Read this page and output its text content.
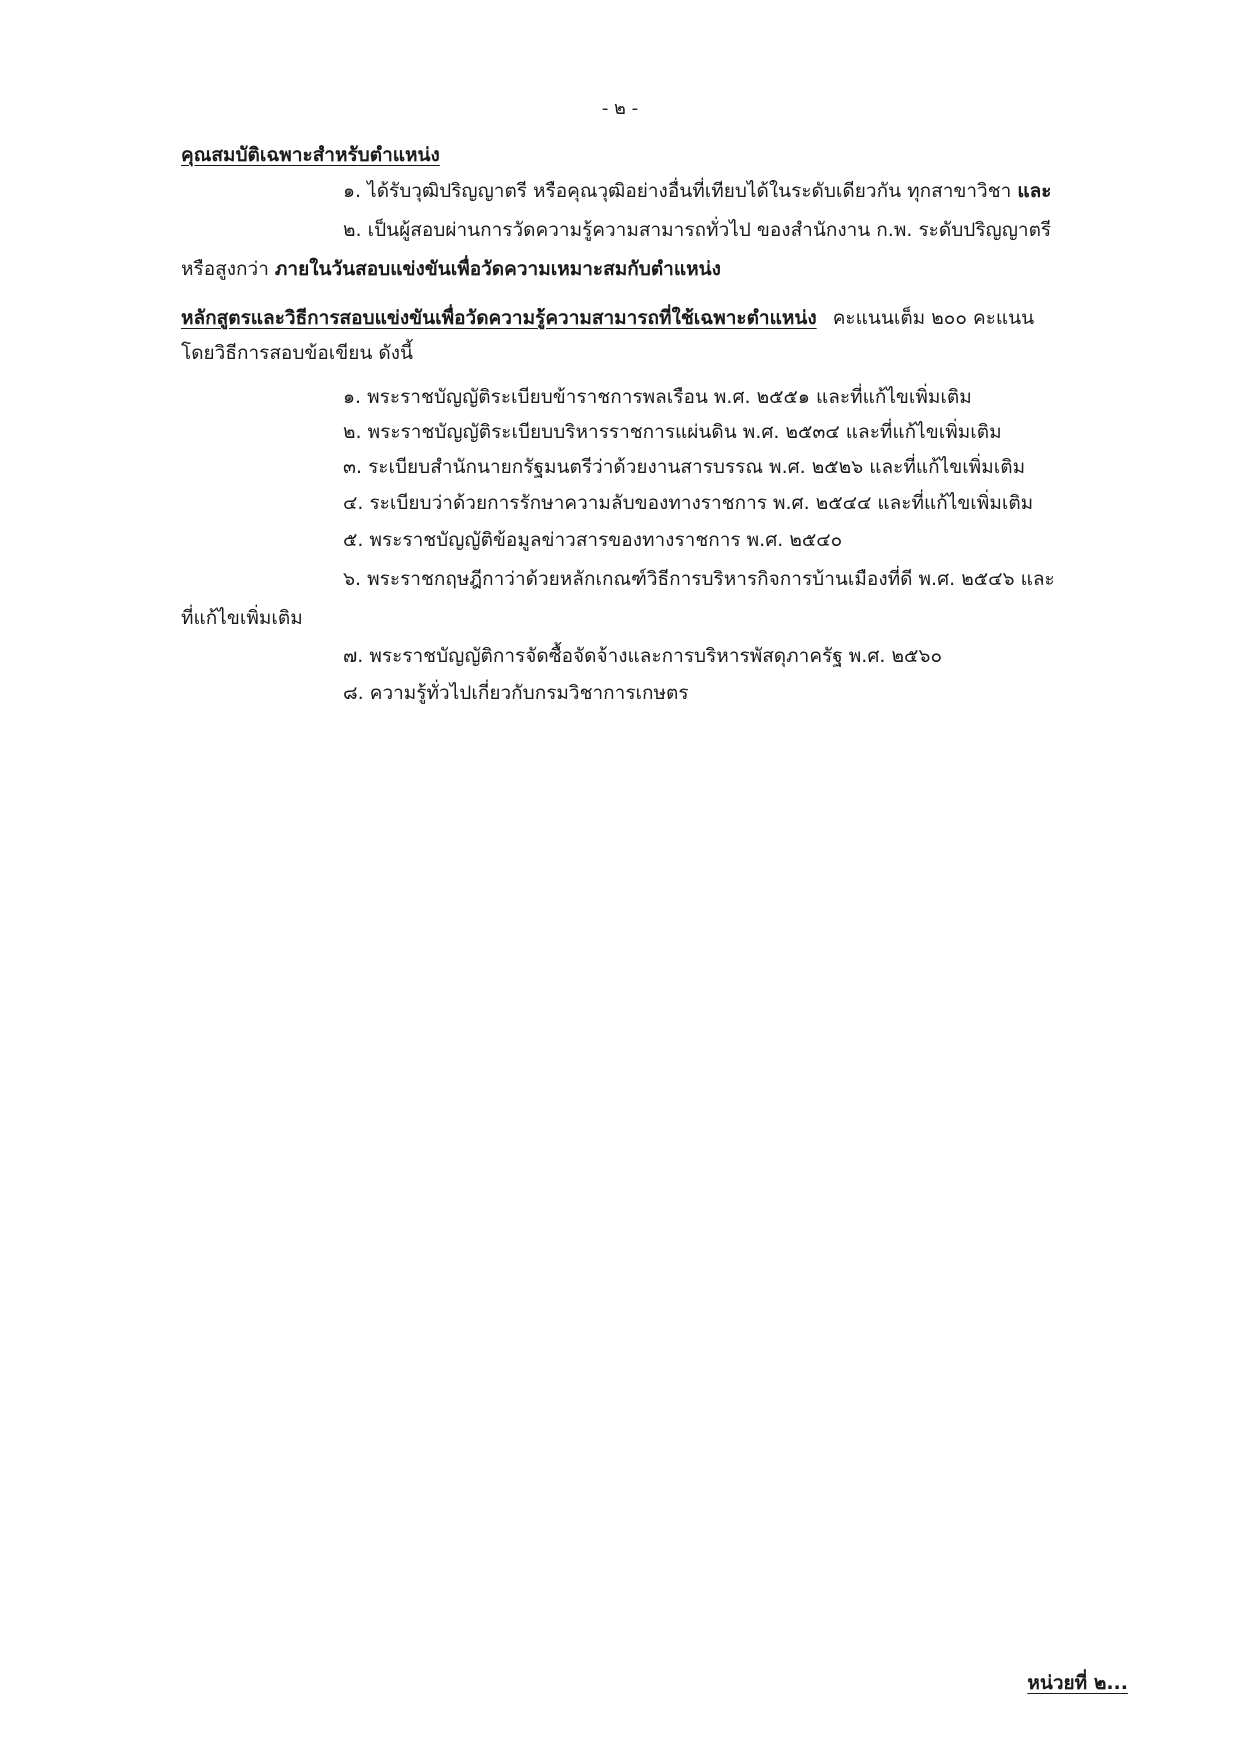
- ๒ -
คุณสมบัติเฉพาะสำหรับตำแหน่ง
๑. ได้รับวุฒิปริญญาตรี หรือคุณวุฒิอย่างอื่นที่เทียบได้ในระดับเดียวกัน ทุกสาขาวิชา และ
๒. เป็นผู้สอบผ่านการวัดความรู้ความสามารถทั่วไป ของสำนักงาน ก.พ. ระดับปริญญาตรี
หรือสูงกว่า ภายในวันสอบแข่งขันเพื่อวัดความเหมาะสมกับตำแหน่ง
หลักสูตรและวิธีการสอบแข่งขันเพื่อวัดความรู้ความสามารถที่ใช้เฉพาะตำแหน่ง คะแนนเต็ม ๒๐๐ คะแนน
โดยวิธีการสอบข้อเขียน ดังนี้
๑. พระราชบัญญัติระเบียบข้าราชการพลเรือน พ.ศ. ๒๕๕๑ และที่แก้ไขเพิ่มเติม
๒. พระราชบัญญัติระเบียบบริหารราชการแผ่นดิน พ.ศ. ๒๕๓๔ และที่แก้ไขเพิ่มเติม
๓. ระเบียบสำนักนายกรัฐมนตรีว่าด้วยงานสารบรรณ พ.ศ. ๒๕๒๖ และที่แก้ไขเพิ่มเติม
๔. ระเบียบว่าด้วยการรักษาความลับของทางราชการ พ.ศ. ๒๕๔๔ และที่แก้ไขเพิ่มเติม
๕. พระราชบัญญัติข้อมูลข่าวสารของทางราชการ พ.ศ. ๒๕๔๐
๖. พระราชกฤษฎีกาว่าด้วยหลักเกณฑ์วิธีการบริหารกิจการบ้านเมืองที่ดี พ.ศ. ๒๕๔๖ และ
ที่แก้ไขเพิ่มเติม
๗. พระราชบัญญัติการจัดซื้อจัดจ้างและการบริหารพัสดุภาครัฐ พ.ศ. ๒๕๖๐
๘. ความรู้ทั่วไปเกี่ยวกับกรมวิชาการเกษตร
หน่วยที่ ๒...
